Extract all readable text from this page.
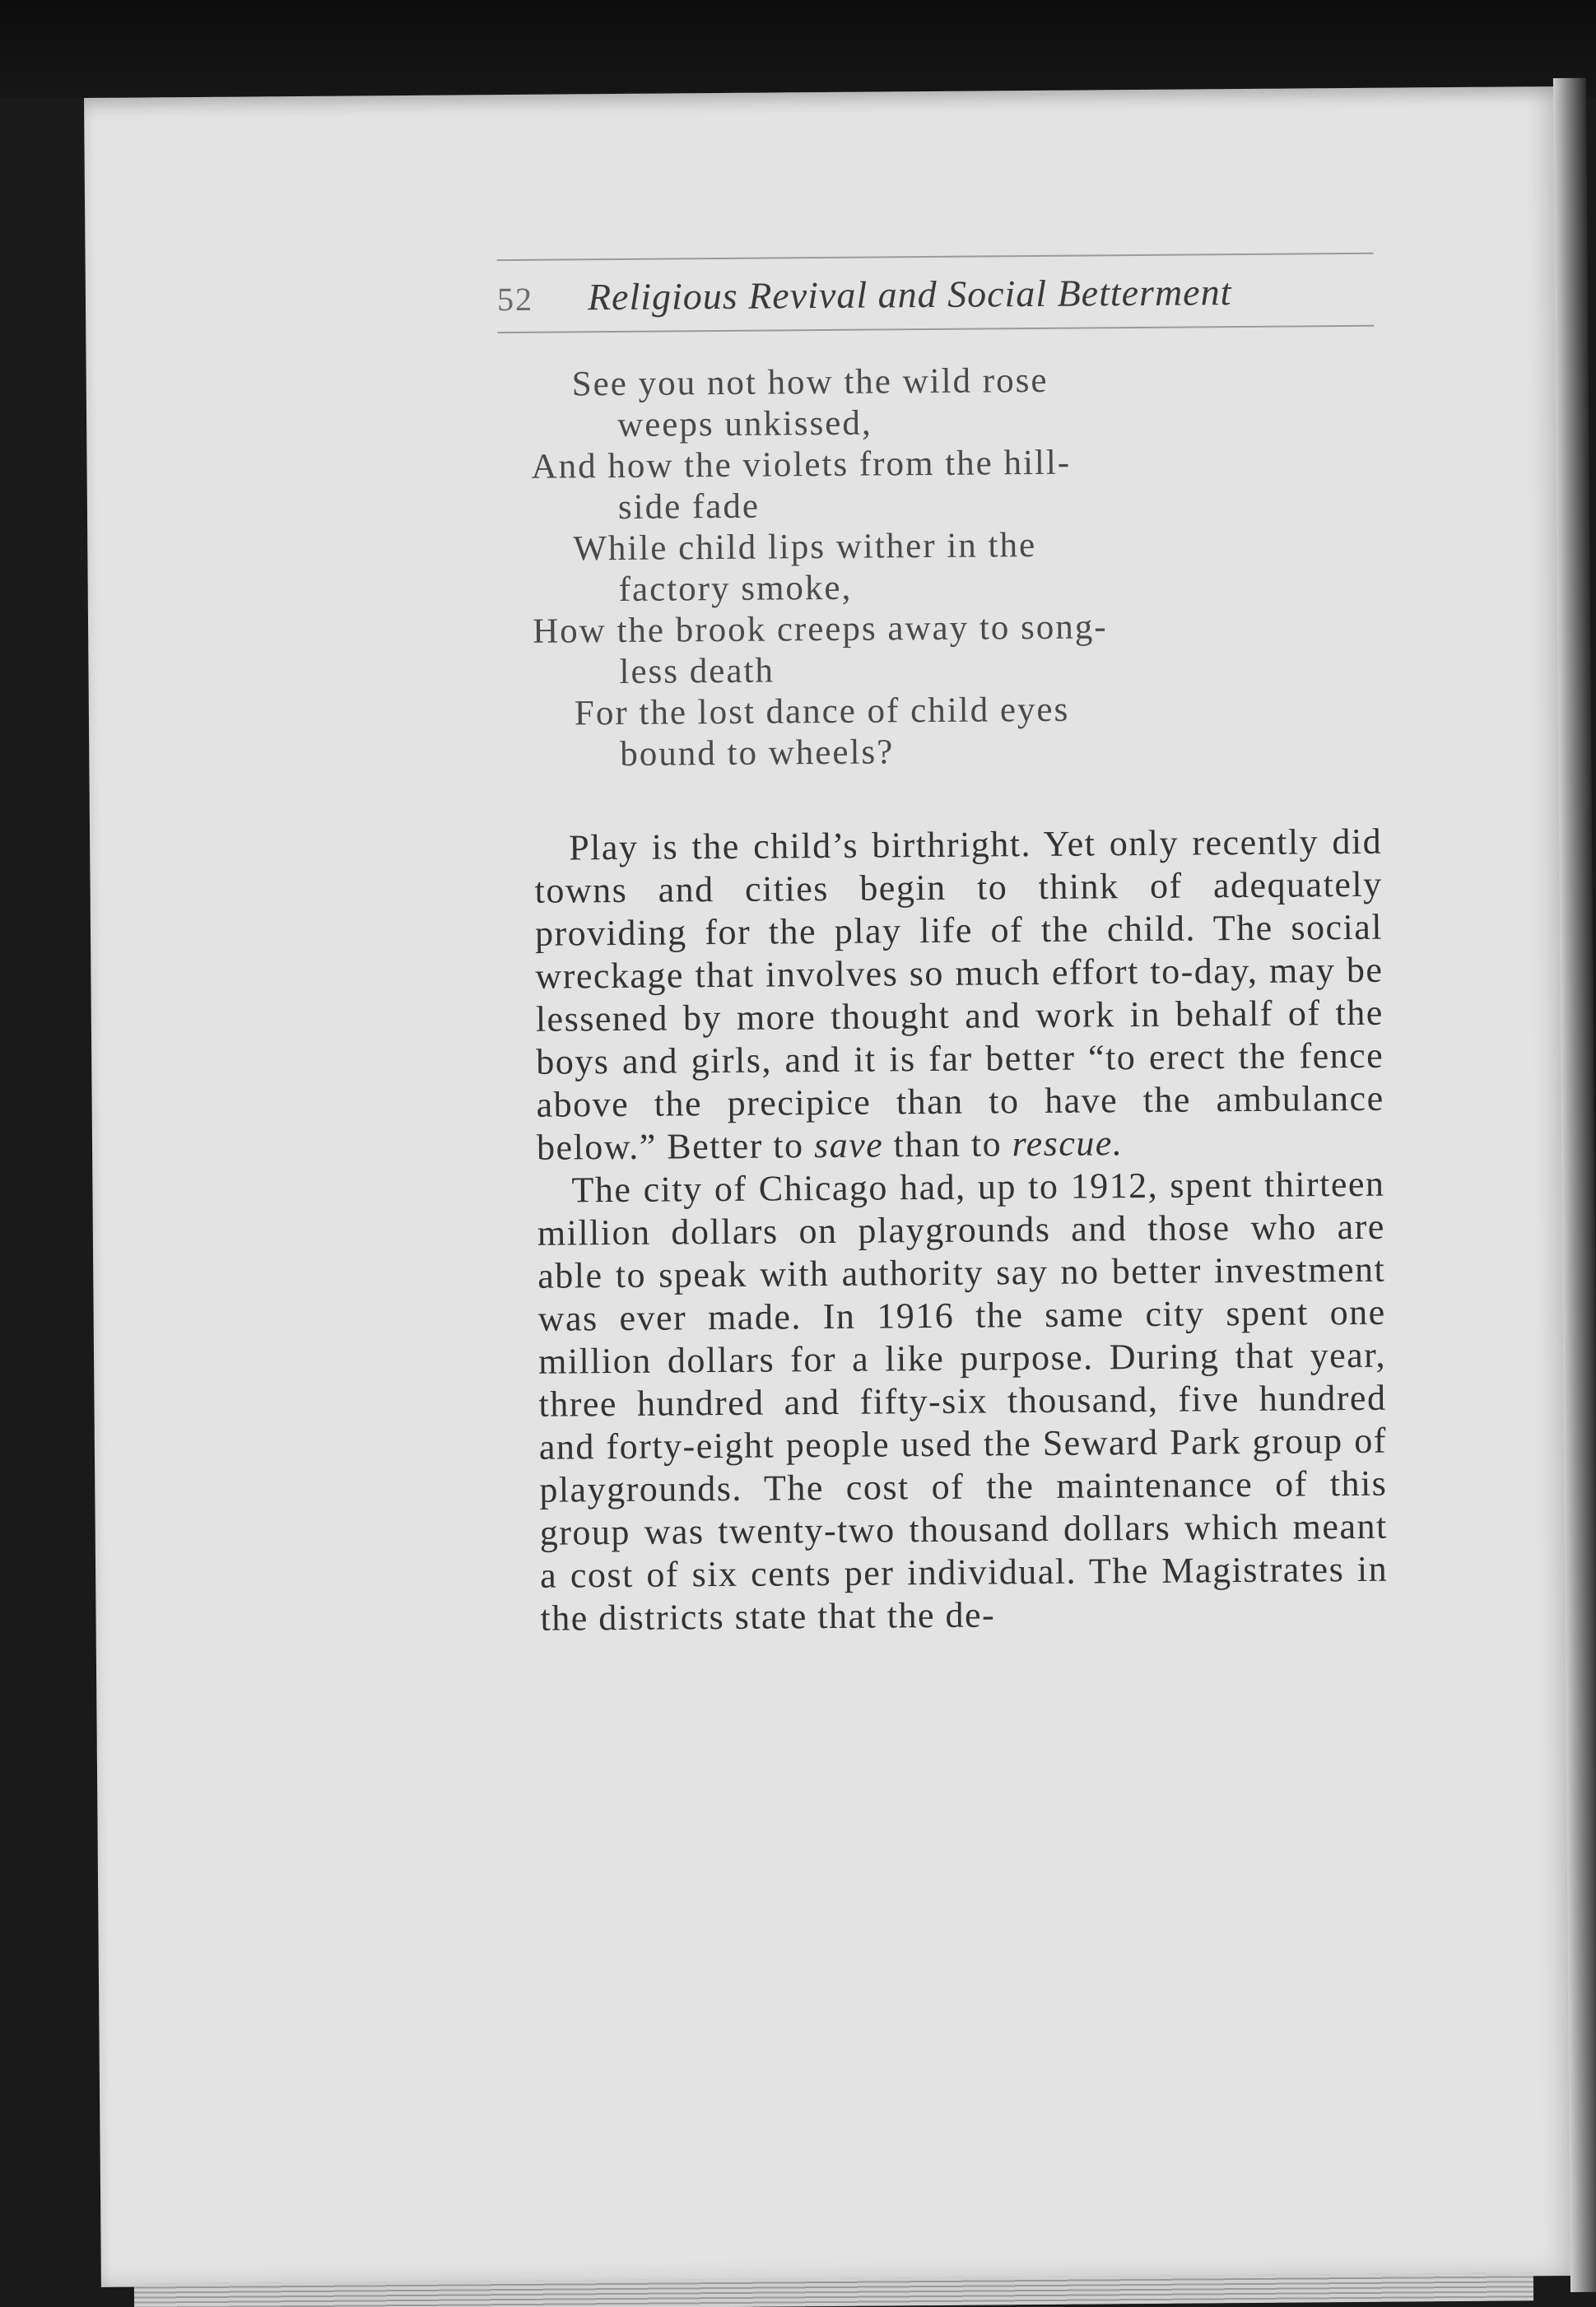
52	Religious Revival and Social Betterment
See you not how the wild rose
weeps unkissed,
And how the violets from the hill-
side fade
While child lips wither in the
factory smoke,
How the brook creeps away to song-
less death
For the lost dance of child eyes
bound to wheels?

Play is the child’s birthright. Yet only recently did towns and cities begin to think of adequately providing for the play life of the child. The social wreckage that involves so much effort to-day, may be lessened by more thought and work in behalf of the boys and girls, and it is far better “to erect the fence above the precipice than to have the ambulance below.” Better to save than to rescue.

The city of Chicago had, up to 1912, spent thirteen million dollars on playgrounds and those who are able to speak with authority say no better investment was ever made. In 1916 the same city spent one million dollars for a like purpose. During that year, three hundred and fifty-six thousand, five hundred and forty-eight people used the Seward Park group of playgrounds. The cost of the maintenance of this group was twenty-two thousand dollars which meant a cost of six cents per individual. The Magistrates in the districts state that the de-
